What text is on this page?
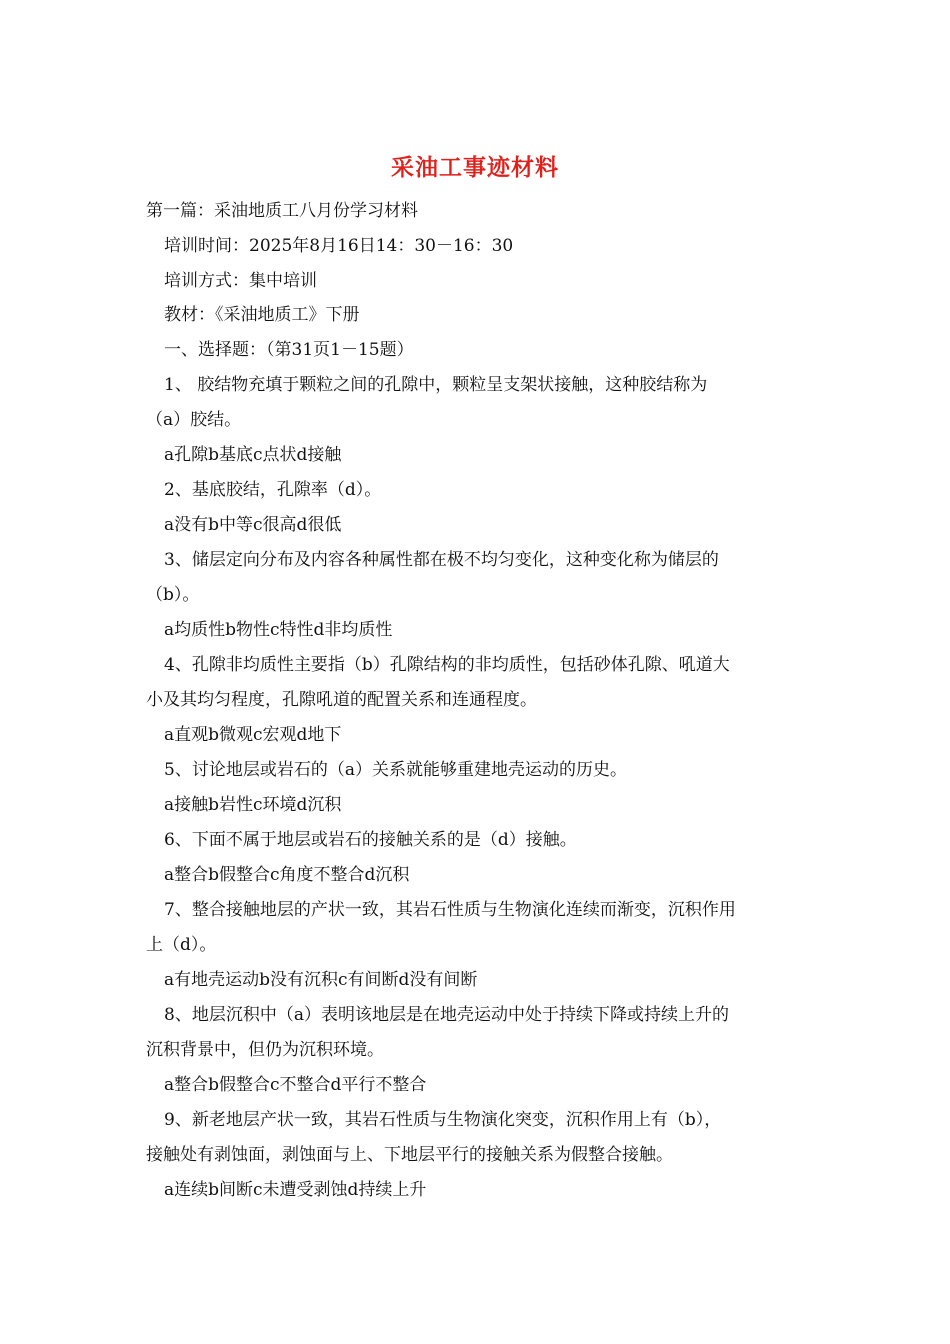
采油工事迹材料
第一篇：采油地质工八月份学习材料
培训时间：2025年8月16日14：30－16：30
培训方式：集中培训
教材：《采油地质工》下册
一、选择题：（第31页1－15题）
1、 胶结物充填于颗粒之间的孔隙中，颗粒呈支架状接触，这种胶结称为
（a）胶结。
a孔隙b基底c点状d接触
2、基底胶结，孔隙率（d）。
a没有b中等c很高d很低
3、储层定向分布及内容各种属性都在极不均匀变化，这种变化称为储层的
（b）。
a均质性b物性c特性d非均质性
4、孔隙非均质性主要指（b）孔隙结构的非均质性，包括砂体孔隙、吼道大
小及其均匀程度，孔隙吼道的配置关系和连通程度。
a直观b微观c宏观d地下
5、讨论地层或岩石的（a）关系就能够重建地壳运动的历史。
a接触b岩性c环境d沉积
6、下面不属于地层或岩石的接触关系的是（d）接触。
a整合b假整合c角度不整合d沉积
7、整合接触地层的产状一致，其岩石性质与生物演化连续而渐变，沉积作用
上（d）。
a有地壳运动b没有沉积c有间断d没有间断
8、地层沉积中（a）表明该地层是在地壳运动中处于持续下降或持续上升的
沉积背景中，但仍为沉积环境。
a整合b假整合c不整合d平行不整合
9、新老地层产状一致，其岩石性质与生物演化突变，沉积作用上有（b），
接触处有剥蚀面，剥蚀面与上、下地层平行的接触关系为假整合接触。
a连续b间断c未遭受剥蚀d持续上升
